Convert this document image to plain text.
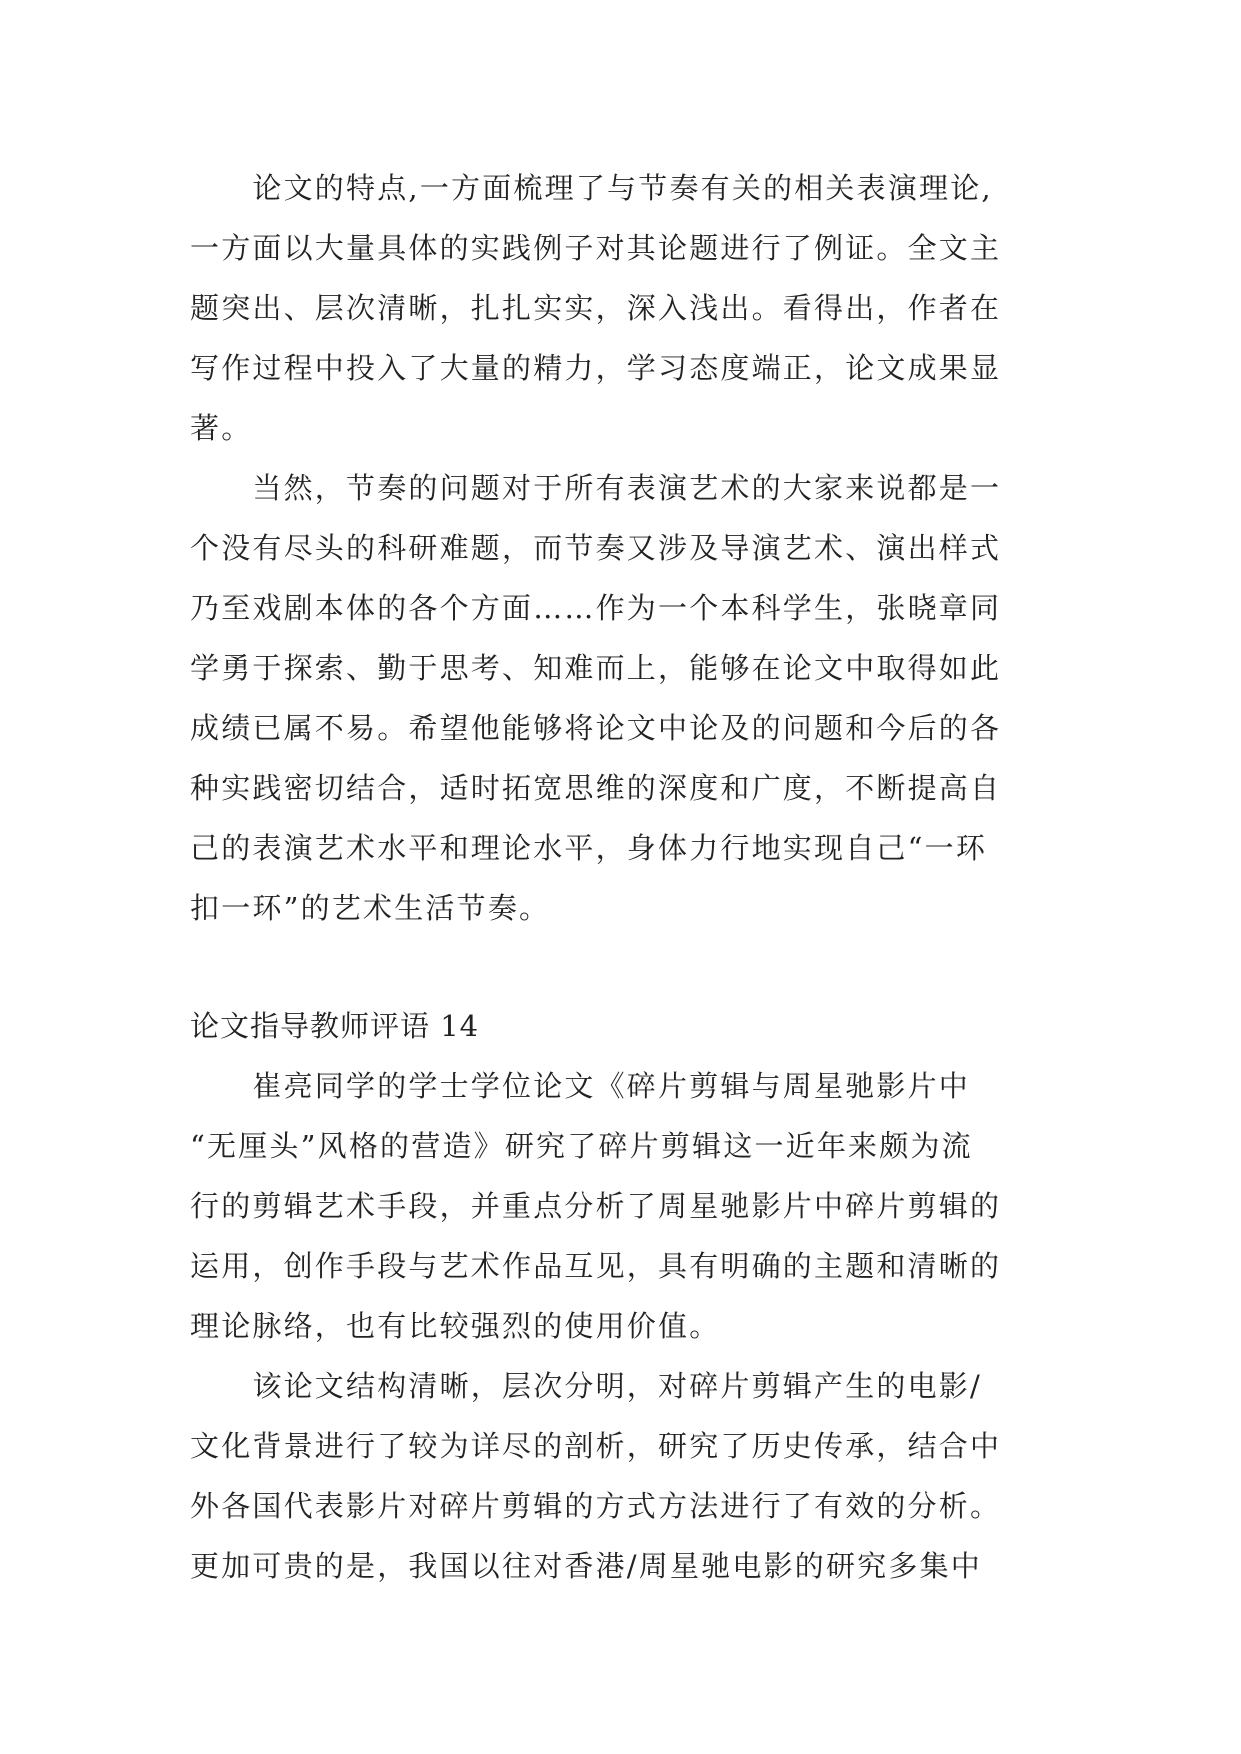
　　论文的特点,一方面梳理了与节奏有关的相关表演理论,
一方面以大量具体的实践例子对其论题进行了例证。全文主
题突出、层次清晰，扎扎实实，深入浅出。看得出，作者在
写作过程中投入了大量的精力，学习态度端正，论文成果显
著。
　　当然，节奏的问题对于所有表演艺术的大家来说都是一
个没有尽头的科研难题，而节奏又涉及导演艺术、演出样式
乃至戏剧本体的各个方面……作为一个本科学生，张晓章同
学勇于探索、勤于思考、知难而上，能够在论文中取得如此
成绩已属不易。希望他能够将论文中论及的问题和今后的各
种实践密切结合，适时拓宽思维的深度和广度，不断提高自
己的表演艺术水平和理论水平，身体力行地实现自己“一环
扣一环”的艺术生活节奏。
论文指导教师评语 14
　　崔亮同学的学士学位论文《碎片剪辑与周星驰影片中
“无厘头”风格的营造》研究了碎片剪辑这一近年来颇为流
行的剪辑艺术手段，并重点分析了周星驰影片中碎片剪辑的
运用，创作手段与艺术作品互见，具有明确的主题和清晰的
理论脉络，也有比较强烈的使用价值。
　　该论文结构清晰，层次分明，对碎片剪辑产生的电影/
文化背景进行了较为详尽的剖析，研究了历史传承，结合中
外各国代表影片对碎片剪辑的方式方法进行了有效的分析。
更加可贵的是，我国以往对香港/周星驰电影的研究多集中
